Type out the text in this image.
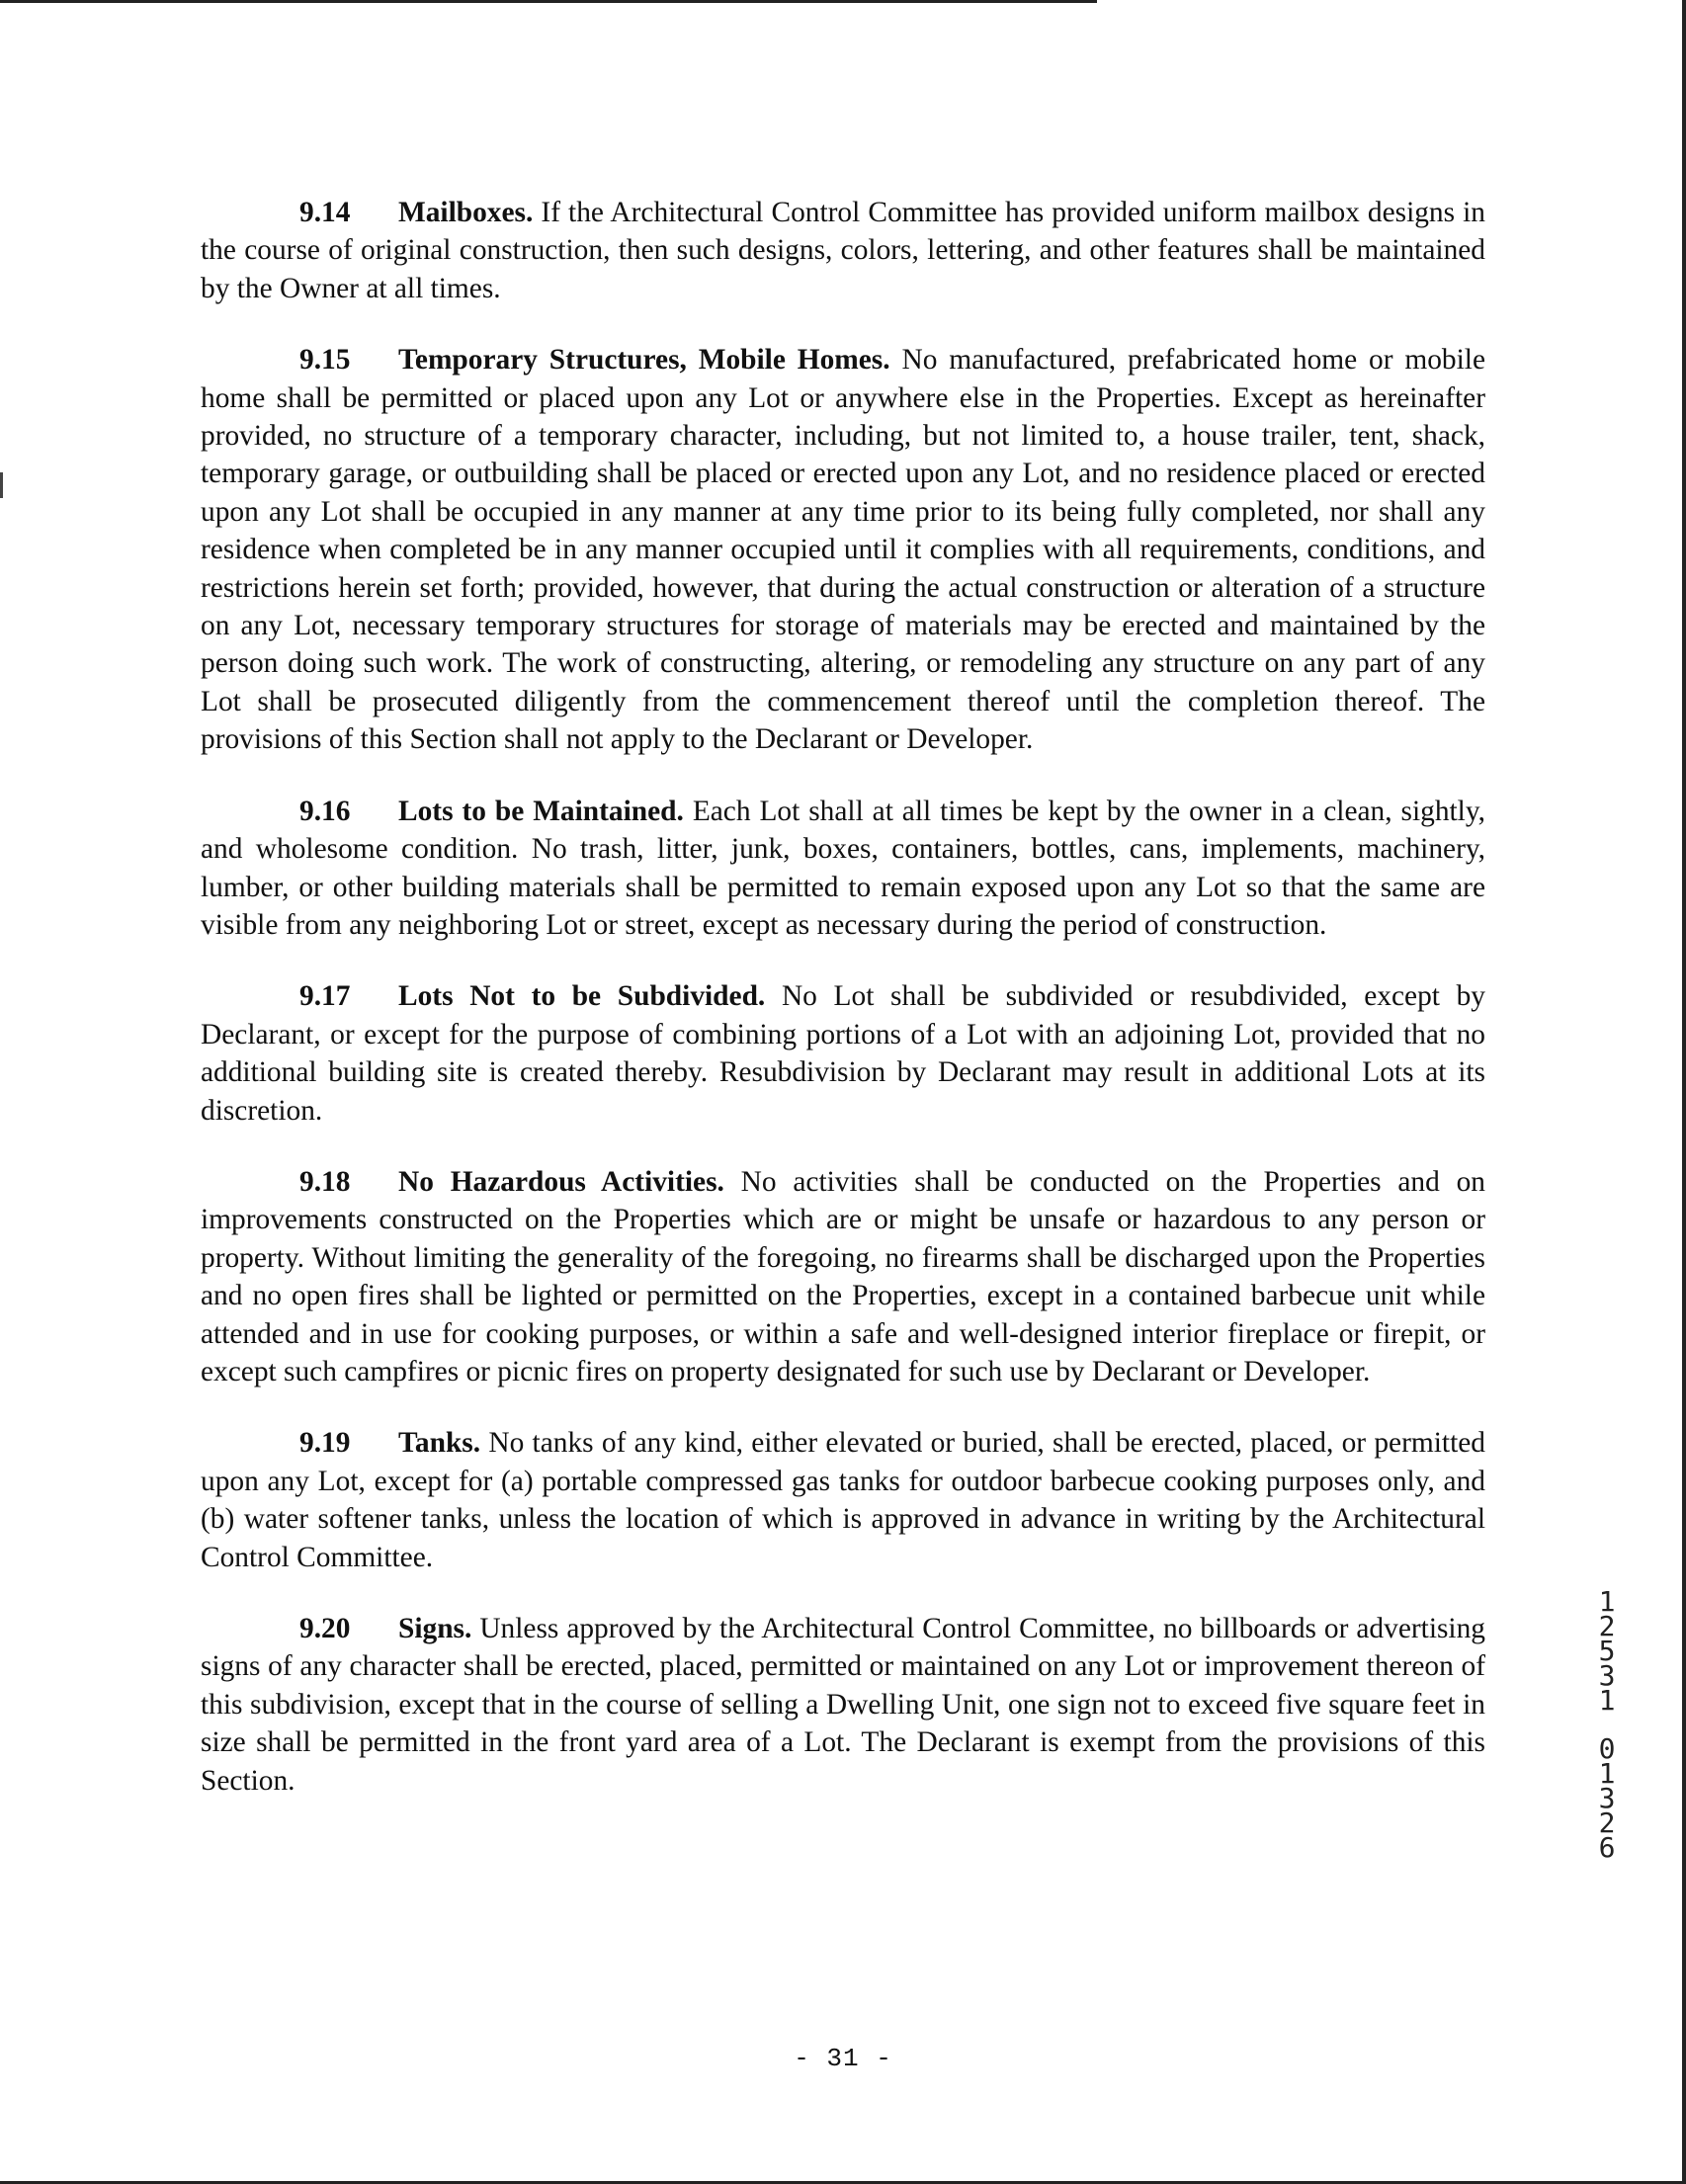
9.14 Mailboxes. If the Architectural Control Committee has provided uniform mailbox designs in the course of original construction, then such designs, colors, lettering, and other features shall be maintained by the Owner at all times.

9.15 Temporary Structures, Mobile Homes. No manufactured, prefabricated home or mobile home shall be permitted or placed upon any Lot or anywhere else in the Properties. Except as hereinafter provided, no structure of a temporary character, including, but not limited to, a house trailer, tent, shack, temporary garage, or outbuilding shall be placed or erected upon any Lot, and no residence placed or erected upon any Lot shall be occupied in any manner at any time prior to its being fully completed, nor shall any residence when completed be in any manner occupied until it complies with all requirements, conditions, and restrictions herein set forth; provided, however, that during the actual construction or alteration of a structure on any Lot, necessary temporary structures for storage of materials may be erected and maintained by the person doing such work. The work of constructing, altering, or remodeling any structure on any part of any Lot shall be prosecuted diligently from the commencement thereof until the completion thereof. The provisions of this Section shall not apply to the Declarant or Developer.

9.16 Lots to be Maintained. Each Lot shall at all times be kept by the owner in a clean, sightly, and wholesome condition. No trash, litter, junk, boxes, containers, bottles, cans, implements, machinery, lumber, or other building materials shall be permitted to remain exposed upon any Lot so that the same are visible from any neighboring Lot or street, except as necessary during the period of construction.

9.17 Lots Not to be Subdivided. No Lot shall be subdivided or resubdivided, except by Declarant, or except for the purpose of combining portions of a Lot with an adjoining Lot, provided that no additional building site is created thereby. Resubdivision by Declarant may result in additional Lots at its discretion.

9.18 No Hazardous Activities. No activities shall be conducted on the Properties and on improvements constructed on the Properties which are or might be unsafe or hazardous to any person or property. Without limiting the generality of the foregoing, no firearms shall be discharged upon the Properties and no open fires shall be lighted or permitted on the Properties, except in a contained barbecue unit while attended and in use for cooking purposes, or within a safe and well-designed interior fireplace or firepit, or except such campfires or picnic fires on property designated for such use by Declarant or Developer.

9.19 Tanks. No tanks of any kind, either elevated or buried, shall be erected, placed, or permitted upon any Lot, except for (a) portable compressed gas tanks for outdoor barbecue cooking purposes only, and (b) water softener tanks, unless the location of which is approved in advance in writing by the Architectural Control Committee.

9.20 Signs. Unless approved by the Architectural Control Committee, no billboards or advertising signs of any character shall be erected, placed, permitted or maintained on any Lot or improvement thereon of this subdivision, except that in the course of selling a Dwelling Unit, one sign not to exceed five square feet in size shall be permitted in the front yard area of a Lot. The Declarant is exempt from the provisions of this Section.

1
2
5
3
1
0
1
3
2
6
- 31 -
